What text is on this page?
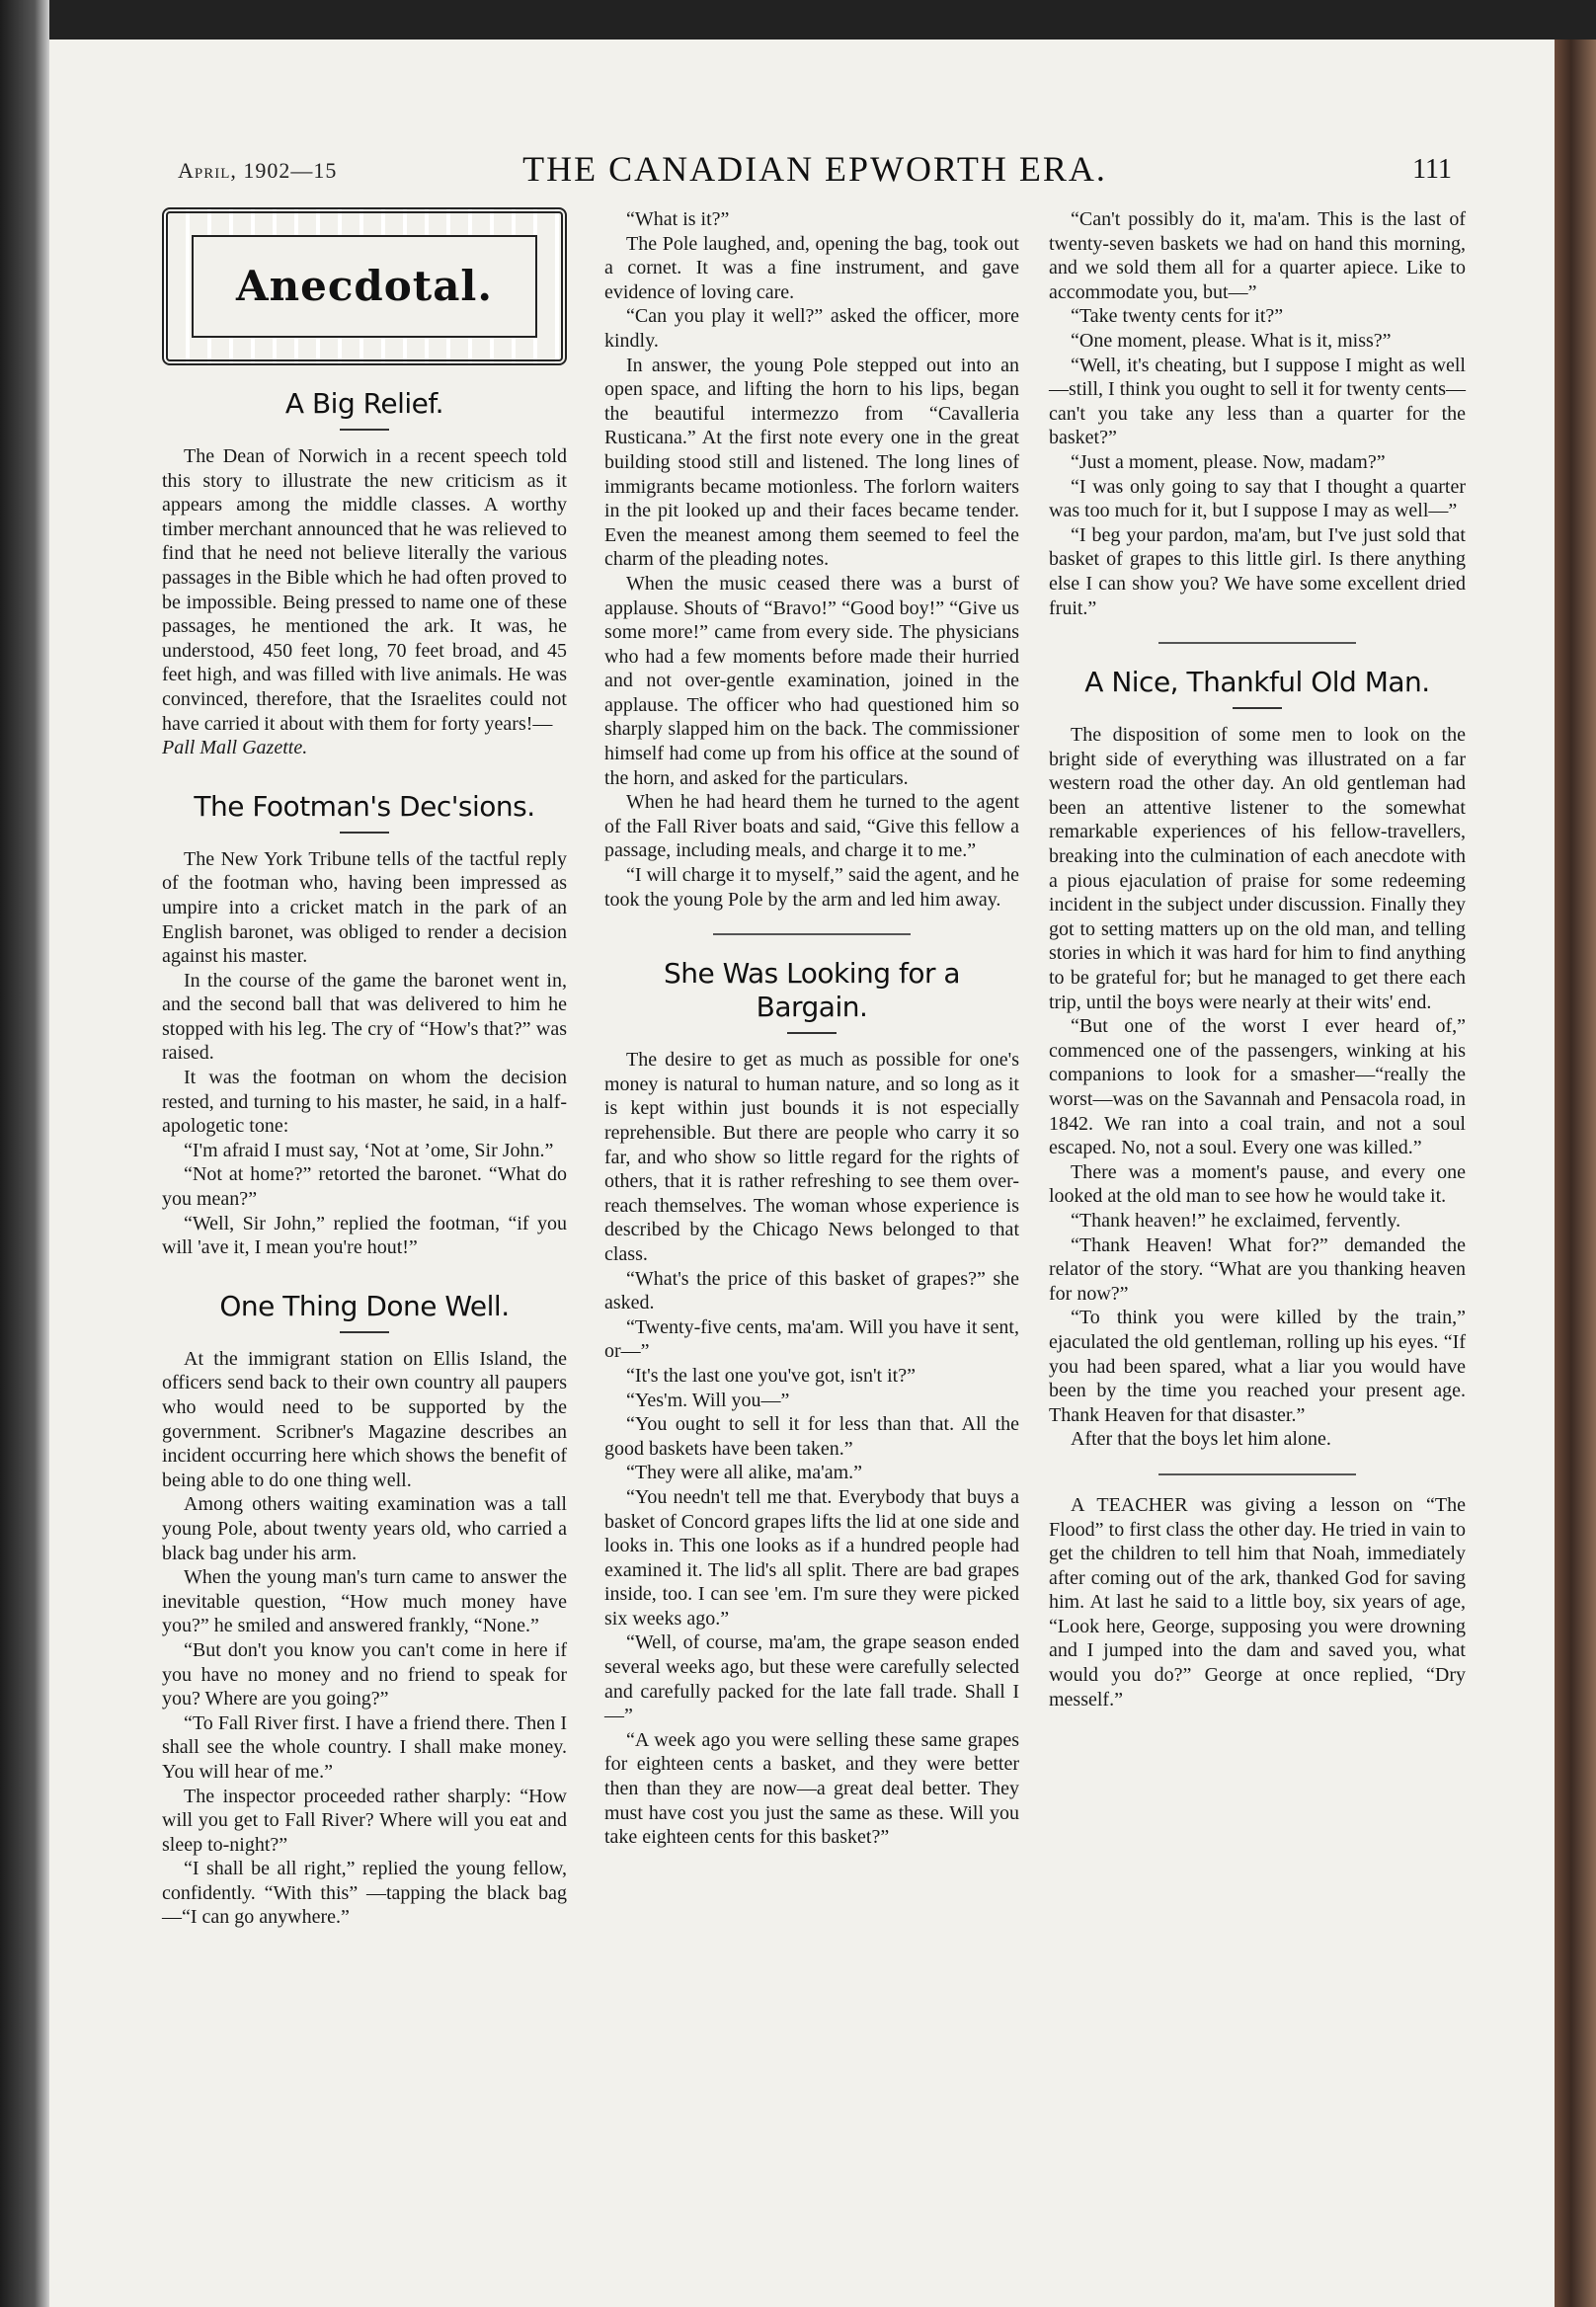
April, 1902—15	THE CANADIAN EPWORTH ERA.	111
Anecdotal.
A Big Relief.

The Dean of Norwich in a recent speech told this story to illustrate the new criticism as it appears among the middle classes. A worthy timber merchant announced that he was relieved to find that he need not believe literally the various passages in the Bible which he had often proved to be impossible. Being pressed to name one of these passages, he mentioned the ark. It was, he understood, 450 feet long, 70 feet broad, and 45 feet high, and was filled with live animals. He was convinced, therefore, that the Israelites could not have carried it about with them for forty years!—

Pall Mall Gazette.

The Footman's Dec'sions.

The New York Tribune tells of the tactful reply of the footman who, having been impressed as umpire into a cricket match in the park of an English baronet, was obliged to render a decision against his master.

In the course of the game the baronet went in, and the second ball that was delivered to him he stopped with his leg. The cry of “How's that?” was raised.

It was the footman on whom the decision rested, and turning to his master, he said, in a half-apologetic tone:

“I'm afraid I must say, ‘Not at ’ome, Sir John.”

“Not at home?” retorted the baronet. “What do you mean?”

“Well, Sir John,” replied the footman, “if you will 'ave it, I mean you're hout!”

One Thing Done Well.

At the immigrant station on Ellis Island, the officers send back to their own country all paupers who would need to be supported by the government. Scribner's Magazine describes an incident occurring here which shows the benefit of being able to do one thing well.

Among others waiting examination was a tall young Pole, about twenty years old, who carried a black bag under his arm.

When the young man's turn came to answer the inevitable question, “How much money have you?” he smiled and answered frankly, “None.”

“But don't you know you can't come in here if you have no money and no friend to speak for you? Where are you going?”

“To Fall River first. I have a friend there. Then I shall see the whole country. I shall make money. You will hear of me.”

The inspector proceeded rather sharply: “How will you get to Fall River? Where will you eat and sleep to-night?”

“I shall be all right,” replied the young fellow, confidently. “With this” —tapping the black bag—“I can go anywhere.”

“What is it?”

The Pole laughed, and, opening the bag, took out a cornet. It was a fine instrument, and gave evidence of loving care.

“Can you play it well?” asked the officer, more kindly.

In answer, the young Pole stepped out into an open space, and lifting the horn to his lips, began the beautiful intermezzo from “Cavalleria Rusticana.” At the first note every one in the great building stood still and listened. The long lines of immigrants became motionless. The forlorn waiters in the pit looked up and their faces became tender. Even the meanest among them seemed to feel the charm of the pleading notes.

When the music ceased there was a burst of applause. Shouts of “Bravo!” “Good boy!” “Give us some more!” came from every side. The physicians who had a few moments before made their hurried and not over-gentle examination, joined in the applause. The officer who had questioned him so sharply slapped him on the back. The commissioner himself had come up from his office at the sound of the horn, and asked for the particulars.

When he had heard them he turned to the agent of the Fall River boats and said, “Give this fellow a passage, including meals, and charge it to me.”

“I will charge it to myself,” said the agent, and he took the young Pole by the arm and led him away.

She Was Looking for a Bargain.

The desire to get as much as possible for one's money is natural to human nature, and so long as it is kept within just bounds it is not especially reprehensible. But there are people who carry it so far, and who show so little regard for the rights of others, that it is rather refreshing to see them over-reach themselves. The woman whose experience is described by the Chicago News belonged to that class.

“What's the price of this basket of grapes?” she asked.

“Twenty-five cents, ma'am. Will you have it sent, or—”

“It's the last one you've got, isn't it?”

“Yes'm. Will you—”

“You ought to sell it for less than that. All the good baskets have been taken.”

“They were all alike, ma'am.”

“You needn't tell me that. Everybody that buys a basket of Concord grapes lifts the lid at one side and looks in. This one looks as if a hundred people had examined it. The lid's all split. There are bad grapes inside, too. I can see 'em. I'm sure they were picked six weeks ago.”

“Well, of course, ma'am, the grape season ended several weeks ago, but these were carefully selected and carefully packed for the late fall trade. Shall I—”

“A week ago you were selling these same grapes for eighteen cents a basket, and they were better then than they are now—a great deal better. They must have cost you just the same as these. Will you take eighteen cents for this basket?”

“Can't possibly do it, ma'am. This is the last of twenty-seven baskets we had on hand this morning, and we sold them all for a quarter apiece. Like to accommodate you, but—”

“Take twenty cents for it?”

“One moment, please. What is it, miss?”

“Well, it's cheating, but I suppose I might as well—still, I think you ought to sell it for twenty cents—can't you take any less than a quarter for the basket?”

“Just a moment, please. Now, madam?”

“I was only going to say that I thought a quarter was too much for it, but I suppose I may as well—”

“I beg your pardon, ma'am, but I've just sold that basket of grapes to this little girl. Is there anything else I can show you? We have some excellent dried fruit.”

A Nice, Thankful Old Man.

The disposition of some men to look on the bright side of everything was illustrated on a far western road the other day. An old gentleman had been an attentive listener to the somewhat remarkable experiences of his fellow-travellers, breaking into the culmination of each anecdote with a pious ejaculation of praise for some redeeming incident in the subject under discussion. Finally they got to setting matters up on the old man, and telling stories in which it was hard for him to find anything to be grateful for; but he managed to get there each trip, until the boys were nearly at their wits' end.

“But one of the worst I ever heard of,” commenced one of the passengers, winking at his companions to look for a smasher—“really the worst—was on the Savannah and Pensacola road, in 1842. We ran into a coal train, and not a soul escaped. No, not a soul. Every one was killed.”

There was a moment's pause, and every one looked at the old man to see how he would take it.

“Thank heaven!” he exclaimed, fervently.

“Thank Heaven! What for?” demanded the relator of the story. “What are you thanking heaven for now?”

“To think you were killed by the train,” ejaculated the old gentleman, rolling up his eyes. “If you had been spared, what a liar you would have been by the time you reached your present age. Thank Heaven for that disaster.”

After that the boys let him alone.

A TEACHER was giving a lesson on “The Flood” to first class the other day. He tried in vain to get the children to tell him that Noah, immediately after coming out of the ark, thanked God for saving him. At last he said to a little boy, six years of age, “Look here, George, supposing you were drowning and I jumped into the dam and saved you, what would you do?” George at once replied, “Dry mesself.”
